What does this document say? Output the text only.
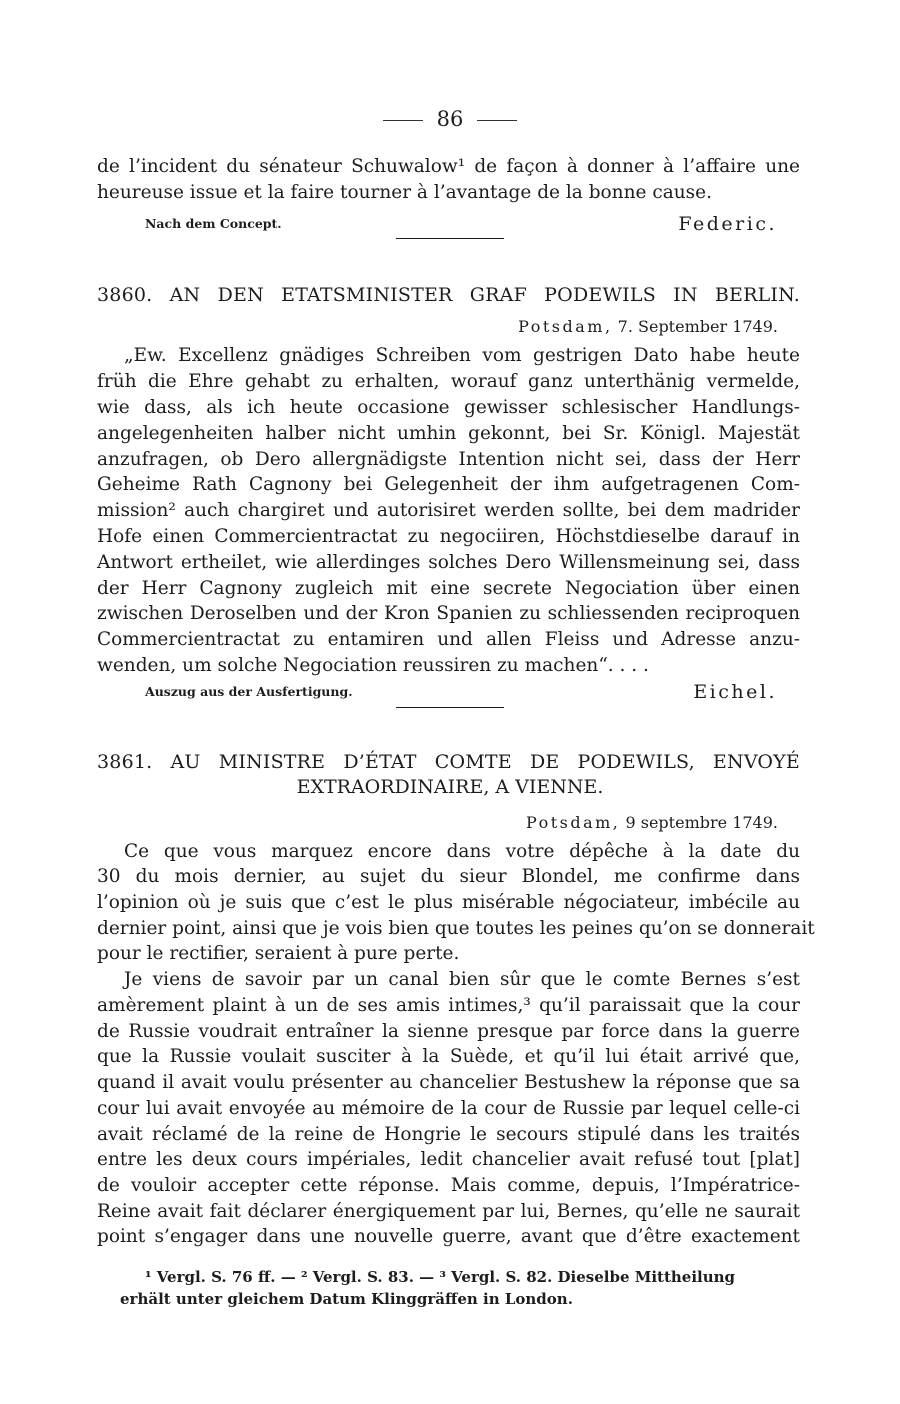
86
de l’incident du sénateur Schuwalow¹ de façon à donner à l’affaire une
heureuse issue et la faire tourner à l’avantage de la bonne cause.
Nach dem Concept.	Federic.
3860. AN DEN ETATSMINISTER GRAF PODEWILS IN BERLIN.
Potsdam, 7. September 1749.
„Ew. Excellenz gnädiges Schreiben vom gestrigen Dato habe heute
früh die Ehre gehabt zu erhalten, worauf ganz unterthänig vermelde,
wie dass, als ich heute occasione gewisser schlesischer Handlungs-
angelegenheiten halber nicht umhin gekonnt, bei Sr. Königl. Majestät
anzufragen, ob Dero allergnädigste Intention nicht sei, dass der Herr
Geheime Rath Cagnony bei Gelegenheit der ihm aufgetragenen Com-
mission² auch chargiret und autorisiret werden sollte, bei dem madrider
Hofe einen Commercientractat zu negociiren, Höchstdieselbe darauf in
Antwort ertheilet, wie allerdinges solches Dero Willensmeinung sei, dass
der Herr Cagnony zugleich mit eine secrete Negociation über einen
zwischen Deroselben und der Kron Spanien zu schliessenden reciproquen
Commercientractat zu entamiren und allen Fleiss und Adresse anzu-
wenden, um solche Negociation reussiren zu machen“. . . .
Auszug aus der Ausfertigung.	Eichel.
3861. AU MINISTRE D’ÉTAT COMTE DE PODEWILS, ENVOYÉ
EXTRAORDINAIRE, A VIENNE.
Potsdam, 9 septembre 1749.
Ce que vous marquez encore dans votre dépêche à la date du
30 du mois dernier, au sujet du sieur Blondel, me confirme dans
l’opinion où je suis que c’est le plus misérable négociateur, imbécile au
dernier point, ainsi que je vois bien que toutes les peines qu’on se donnerait
pour le rectifier, seraient à pure perte.
Je viens de savoir par un canal bien sûr que le comte Bernes s’est
amèrement plaint à un de ses amis intimes,³ qu’il paraissait que la cour
de Russie voudrait entraîner la sienne presque par force dans la guerre
que la Russie voulait susciter à la Suède, et qu’il lui était arrivé que,
quand il avait voulu présenter au chancelier Bestushew la réponse que sa
cour lui avait envoyée au mémoire de la cour de Russie par lequel celle-ci
avait réclamé de la reine de Hongrie le secours stipulé dans les traités
entre les deux cours impériales, ledit chancelier avait refusé tout [plat]
de vouloir accepter cette réponse. Mais comme, depuis, l’Impératrice-
Reine avait fait déclarer énergiquement par lui, Bernes, qu’elle ne saurait
point s’engager dans une nouvelle guerre, avant que d’être exactement
¹ Vergl. S. 76 ff. — ² Vergl. S. 83. — ³ Vergl. S. 82. Dieselbe Mittheilung
erhält unter gleichem Datum Klinggräffen in London.
